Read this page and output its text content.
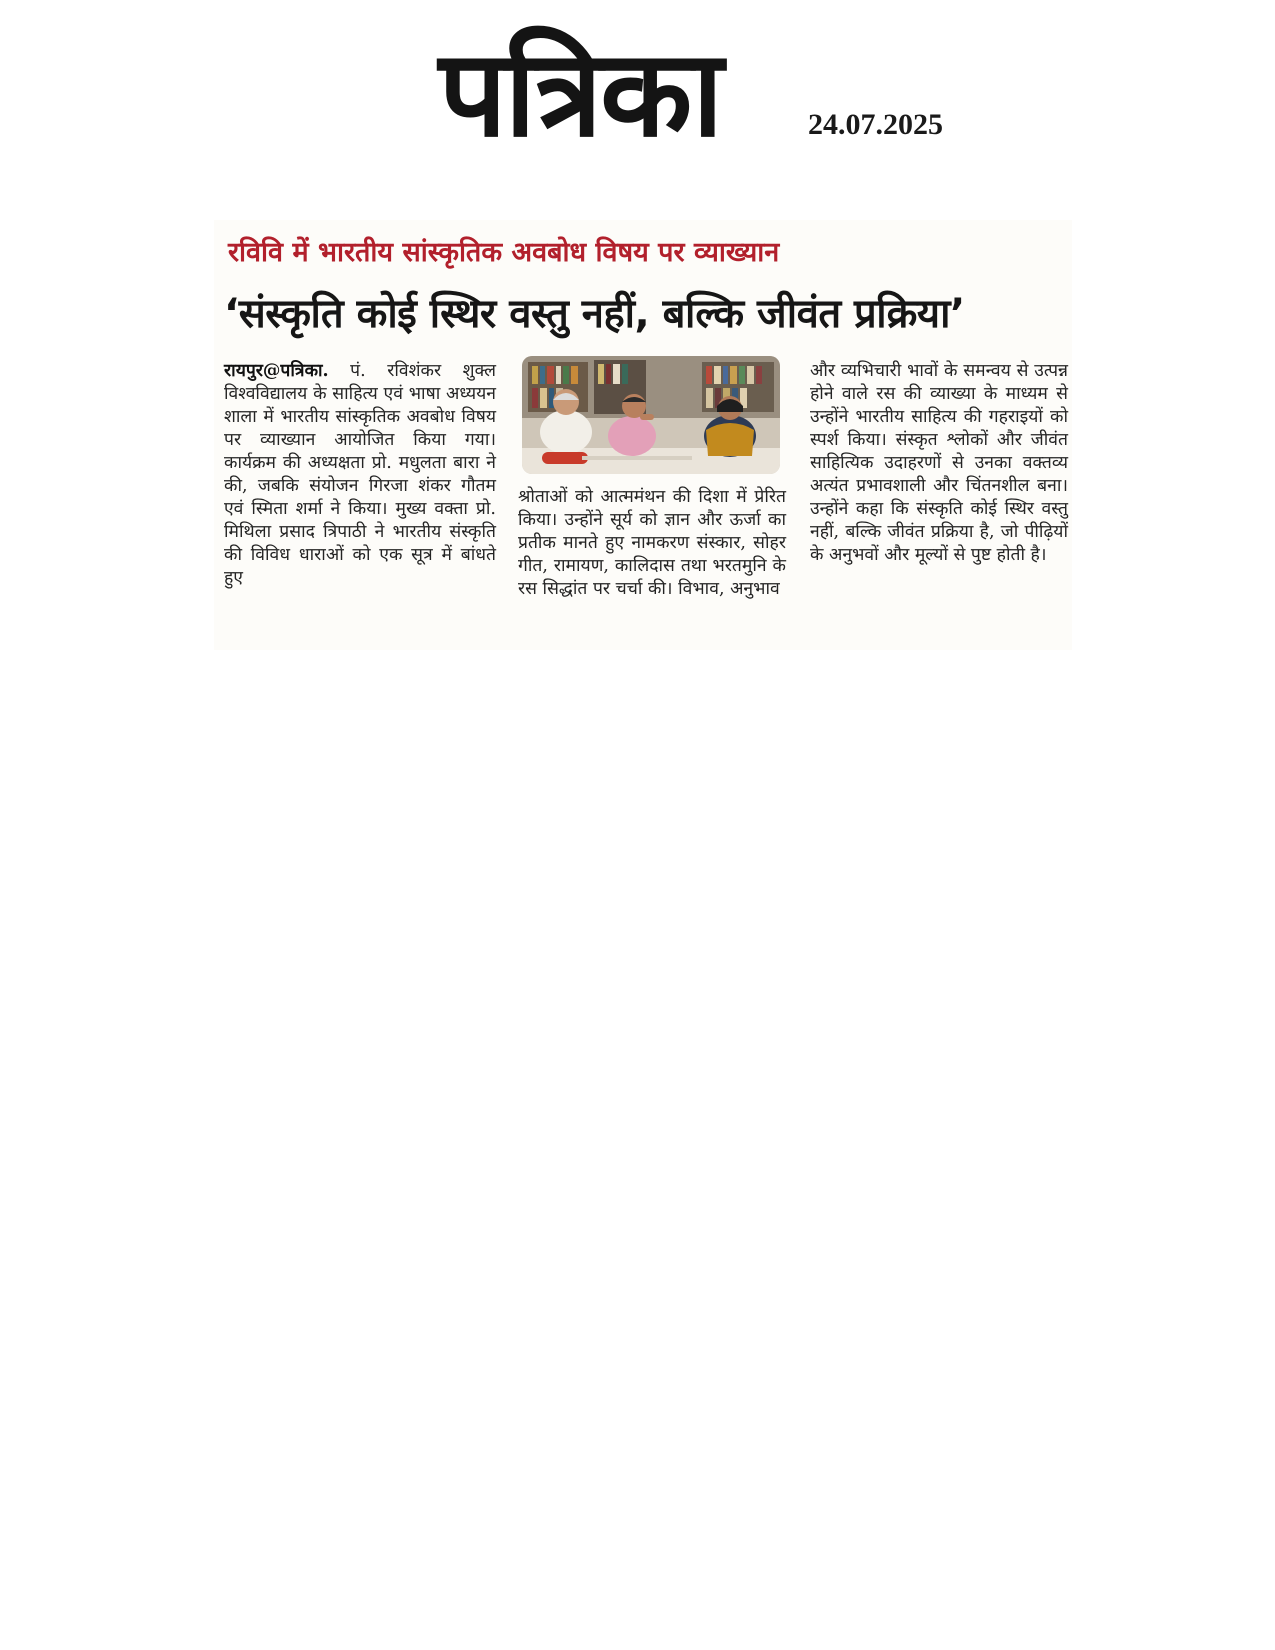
पत्रिका	24.07.2025
रविवि में भारतीय सांस्कृतिक अवबोध विषय पर व्याख्यान
‘संस्कृति कोई स्थिर वस्तु नहीं, बल्कि जीवंत प्रक्रिया’
रायपुर@पत्रिका. पं. रविशंकर शुक्ल विश्वविद्यालय के साहित्य एवं भाषा अध्ययन शाला में भारतीय सांस्कृतिक अवबोध विषय पर व्याख्यान आयोजित किया गया। कार्यक्रम की अध्यक्षता प्रो. मधुलता बारा ने की, जबकि संयोजन गिरजा शंकर गौतम एवं स्मिता शर्मा ने किया। मुख्य वक्ता प्रो. मिथिला प्रसाद त्रिपाठी ने भारतीय संस्कृति की विविध धाराओं को एक सूत्र में बांधते हुए
श्रोताओं को आत्ममंथन की दिशा में प्रेरित किया। उन्होंने सूर्य को ज्ञान और ऊर्जा का प्रतीक मानते हुए नामकरण संस्कार, सोहर गीत, रामायण, कालिदास तथा भरतमुनि के रस सिद्धांत पर चर्चा की। विभाव, अनुभाव
और व्यभिचारी भावों के समन्वय से उत्पन्न होने वाले रस की व्याख्या के माध्यम से उन्होंने भारतीय साहित्य की गहराइयों को स्पर्श किया। संस्कृत श्लोकों और जीवंत साहित्यिक उदाहरणों से उनका वक्तव्य अत्यंत प्रभावशाली और चिंतनशील बना। उन्होंने कहा कि संस्कृति कोई स्थिर वस्तु नहीं, बल्कि जीवंत प्रक्रिया है, जो पीढ़ियों के अनुभवों और मूल्यों से पुष्ट होती है।
